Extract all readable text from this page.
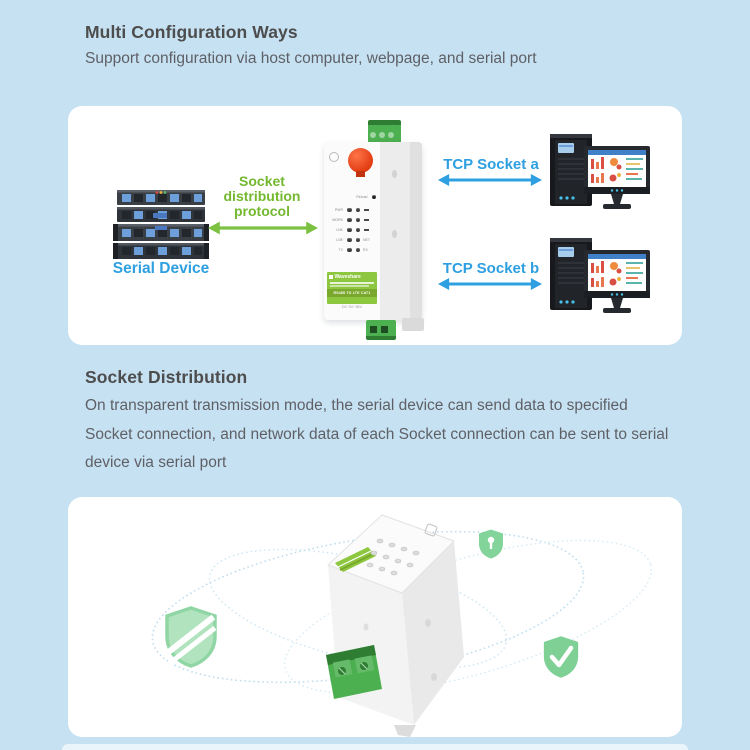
Multi Configuration Ways
Support configuration via host computer, webpage, and serial port
Serial Device
Socket
distribution
protocol
Reload
PWR
WORK
LNK
LNE	NET
TX	RX
Waveshare
RS485 TO LTE CAT1
DC 9V~36V
TCP Socket a
TCP Socket b
Socket Distribution
On transparent transmission mode, the serial device can send data to specified Socket connection, and network data of each Socket connection can be sent to serial device via serial port
